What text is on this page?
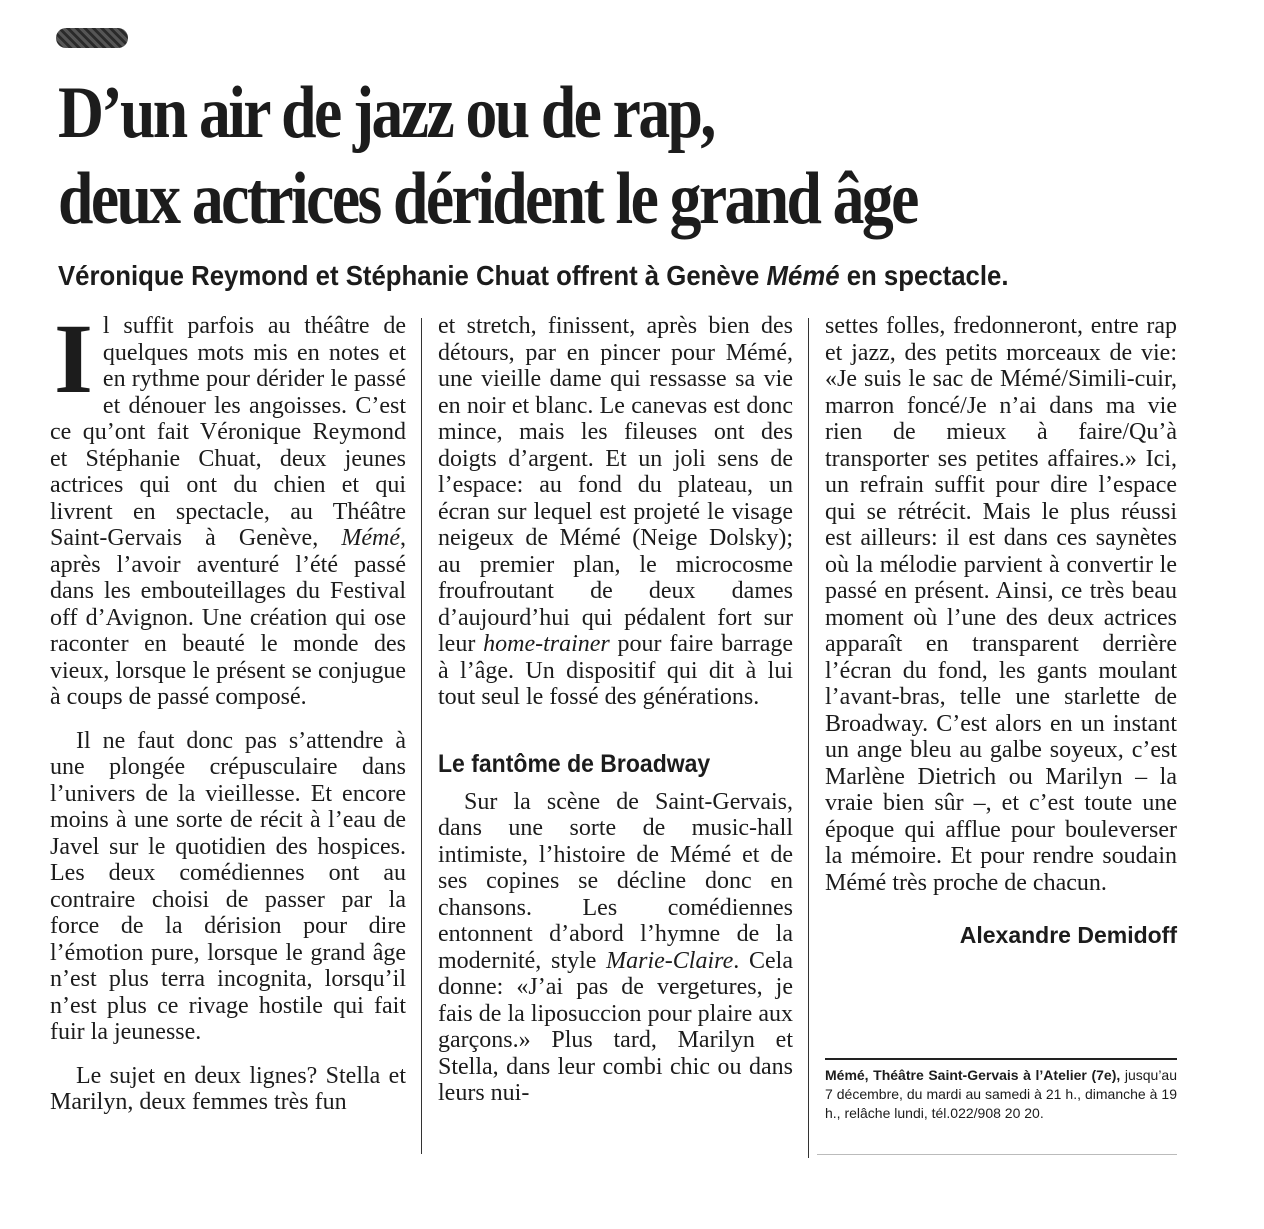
D’un air de jazz ou de rap,
deux actrices dérident le grand âge
Véronique Reymond et Stéphanie Chuat offrent à Genève Mémé en spectacle.

Il suffit parfois au théâtre de quelques mots mis en notes et en rythme pour dérider le passé et dénouer les angoisses. C’est ce qu’ont fait Véronique Reymond et Stéphanie Chuat, deux jeunes actrices qui ont du chien et qui livrent en spectacle, au Théâtre Saint-Gervais à Genève, Mémé, après l’avoir aventuré l’été passé dans les embouteillages du Festival off d’Avignon. Une création qui ose raconter en beauté le monde des vieux, lorsque le présent se conjugue à coups de passé composé.

Il ne faut donc pas s’attendre à une plongée crépusculaire dans l’univers de la vieillesse. Et encore moins à une sorte de récit à l’eau de Javel sur le quotidien des hospices. Les deux comédiennes ont au contraire choisi de passer par la force de la dérision pour dire l’émotion pure, lorsque le grand âge n’est plus terra incognita, lorsqu’il n’est plus ce rivage hostile qui fait fuir la jeunesse.

Le sujet en deux lignes? Stella et Marilyn, deux femmes très fun

et stretch, finissent, après bien des détours, par en pincer pour Mémé, une vieille dame qui ressasse sa vie en noir et blanc. Le canevas est donc mince, mais les fileuses ont des doigts d’argent. Et un joli sens de l’espace: au fond du plateau, un écran sur lequel est projeté le visage neigeux de Mémé (Neige Dolsky); au premier plan, le microcosme froufroutant de deux dames d’aujourd’hui qui pédalent fort sur leur home-trainer pour faire barrage à l’âge. Un dispositif qui dit à lui tout seul le fossé des générations.

Le fantôme de Broadway

Sur la scène de Saint-Gervais, dans une sorte de music-hall intimiste, l’histoire de Mémé et de ses copines se décline donc en chansons. Les comédiennes entonnent d’abord l’hymne de la modernité, style Marie-Claire. Cela donne: «J’ai pas de vergetures, je fais de la liposuccion pour plaire aux garçons.» Plus tard, Marilyn et Stella, dans leur combi chic ou dans leurs nui-

settes folles, fredonneront, entre rap et jazz, des petits morceaux de vie: «Je suis le sac de Mémé/Simili-cuir, marron foncé/Je n’ai dans ma vie rien de mieux à faire/Qu’à transporter ses petites affaires.» Ici, un refrain suffit pour dire l’espace qui se rétrécit. Mais le plus réussi est ailleurs: il est dans ces saynètes où la mélodie parvient à convertir le passé en présent. Ainsi, ce très beau moment où l’une des deux actrices apparaît en transparent derrière l’écran du fond, les gants moulant l’avant-bras, telle une starlette de Broadway. C’est alors en un instant un ange bleu au galbe soyeux, c’est Marlène Dietrich ou Marilyn – la vraie bien sûr –, et c’est toute une époque qui afflue pour bouleverser la mémoire. Et pour rendre soudain Mémé très proche de chacun.

Alexandre Demidoff
Mémé, Théâtre Saint-Gervais à l’Atelier (7e), jusqu’au 7 décembre, du mardi au samedi à 21 h., dimanche à 19 h., relâche lundi, tél.022/908 20 20.
